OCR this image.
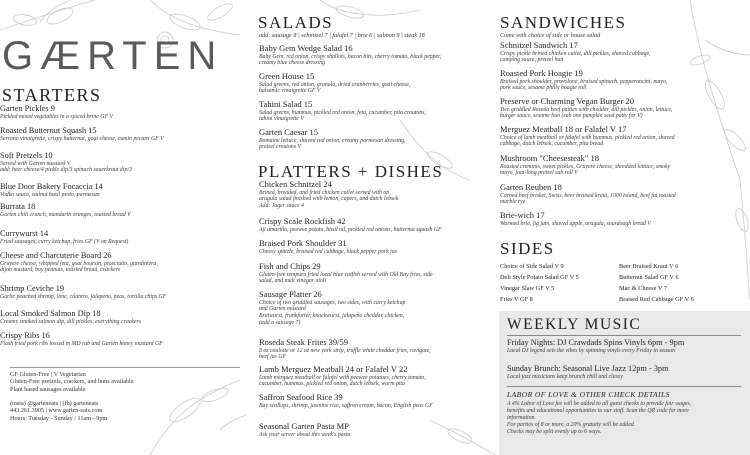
GÆRTEN
STARTERS
Garten Pickles 9
Pickled mixed vegetables in a spiced brine GF V
Roasted Butternut Squash 15
Serrano vinaigrette, crispy butternut, goat cheese, cumin pecans GF V
Soft Pretzels 10
Served with Garten mustard V
add: beer cheese/4 pickle dip/3 spinach sauerkraut dip/3
Blue Door Bakery Focaccia 14
Vodka sauce, walnut basil pesto, parmesan
Burrata 18
Garten chili crunch, mandarin oranges, toasted bread V
Currywurst 14
Fried sausages, curry ketchup, fries GF (V on Request)
Cheese and Charcuterie Board 26
Gruyere cheese, whipped feta, goat boursin, prosciutto, giardiniera,
dijon mustard, boy peanuts, toasted bread, crackers
Shrimp Ceviche 19
Garlic poached shrimp, lime, cilantro, jalapeno, peas, tortilla chips GF
Local Smoked Salmon Dip 18
Creamy smoked salmon dip, dill pickles, everything crackers
Crispy Ribs 16
Flash fried pork ribs tossed in MD rub and Garten honey mustard GF
GF Gluten-Free | V Vegetarian
Gluten-Free pretzels, crackers, and buns available
Plant based sausages available
(insta) @garteneats | (fb) garteneats
443.261.3905 | www.garten-eats.com
Hours: Tuesday - Sunday / 11am - 9pm
SALADS
add: sausage 8 | schnitzel 7 | falafel 7 | brie 6 | salmon 9 | steak 18
Baby Gem Wedge Salad 16
Baby Gem, red onion, crispy shallots, bacon bits, cherry tomato, black pepper,
creamy blue cheese dressing
Green House 15
Salad greens, red onion, granola, dried cranberries, goat cheese,
balsamic vinaigrette GF V
Tahini Salad 15
Salad greens, hummus, pickled red onion, feta, cucumber, pita croutons,
tahini vinaigrette V
Garten Caesar 15
Romaine lettuce, shaved red onion, creamy parmesan dressing,
pretzel croutons V
PLATTERS + DISHES
Chicken Schnitzel 24
Brined, breaded, and fried chicken cutlet served with an
arugula salad finished with lemon, capers, and dutch lebsek
Add: Jager sauce 4
Crispy Scale Rockfish 42
Aji amarillo, peewee potato, basil oil, pickled red onions, butternut squash GF
Braised Pork Shoulder 31
Cheesy spätzle, braised red cabbage, black pepper pork jus
Fish and Chips 29
Gluten-free tempura fried local blue catfish served with Old Bay fries, side
salad, and malt vinegar aioli
Sausage Platter 26
Choice of two griddled sausages, two sides, with curry ketchup
and Garten mustard
Bratwurst, frankfurter, knockwurst, jalapeño cheddar, chicken,
(add a sausage 7)
Roseda Steak Frites 39/59
8 oz coulotte or 12 oz new york strip, truffle white cheddar fries, ravigote,
beef jus GF
Lamb Merguez Meatball 24 or Falafel V 22
Lamb merguez meatball or falafel with peewee potatoes, cherry tomato,
cucumber, hummus, pickled red onion, dutch lebsek, warm pita
Saffron Seafood Rice 39
Bay scallops, shrimp, jasmine rice, saffron cream, bacon, English peas GF
Seasonal Garten Pasta MP
Ask your server about this week's pasta
SANDWICHES
Come with choice of side or house salad
Schnitzel Sandwich 17
Crispy pickle brined chicken cutlet, dill pickles, shaved cabbage,
camping sauce, pretzel bun
Roasted Pork Hoagie 19
Braised pork shoulder, provolone, braised spinach, pepperoncini, mayo,
pork sauce, sesame philly hoagie roll
Preserve or Charming Vegan Burger 20
Two griddled Roseda beef patties with cheddar, dill pickles, onion, lettuce,
burger sauce, sesame bun (sub one pumpkin seed patty for V)
Merguez Meatball 18 or Falafel V 17
Choice of lamb meatball or falafel with hummus, pickled red onion, shaved
cabbage, dutch lebsek, cucumber, pita bread
Mushroom "Cheesesteak" 18
Roasted creminis, sweet pickles, Gruyere cheese, shredded lettuce, smoky
mayo, foot-long pretzel sub roll V
Garten Reuben 18
Corned beef brisket, Swiss, beer braised kraut, 1000 island, beef fat toasted
marble rye
Brie-wich 17
Warmed brie, fig jam, shaved apple, arugula, sourdough bread V
SIDES
Choice of Side Salad V 9
Deli Style Potato Salad GF V 5
Vinegar Slaw GF V 5
Fries V GF 8
Beer Braised Kraut V 6
Butternut Salad GF V 6
Mac & Cheese V 7
Braised Red Cabbage GF V 6
WEEKLY MUSIC
Friday Nights: DJ Crawdads Spins Vinyls 6pm - 9pm
Local DJ legend sets the vibes by spinning vinyls every Friday in season
Sunday Brunch: Seasonal Live Jazz 12pm - 3pm
Local jazz musicians keep brunch chill and classy
LABOR OF LOVE & OTHER CHECK DETAILS
A 4% Labor of Love fee will be added to all guest checks to provide fair wages,
benefits and educational opportunities to our staff. Scan the QR code for more
information.
For parties of 8 or more, a 20% gratuity will be added.
Checks may be split evenly up to 6 ways.
